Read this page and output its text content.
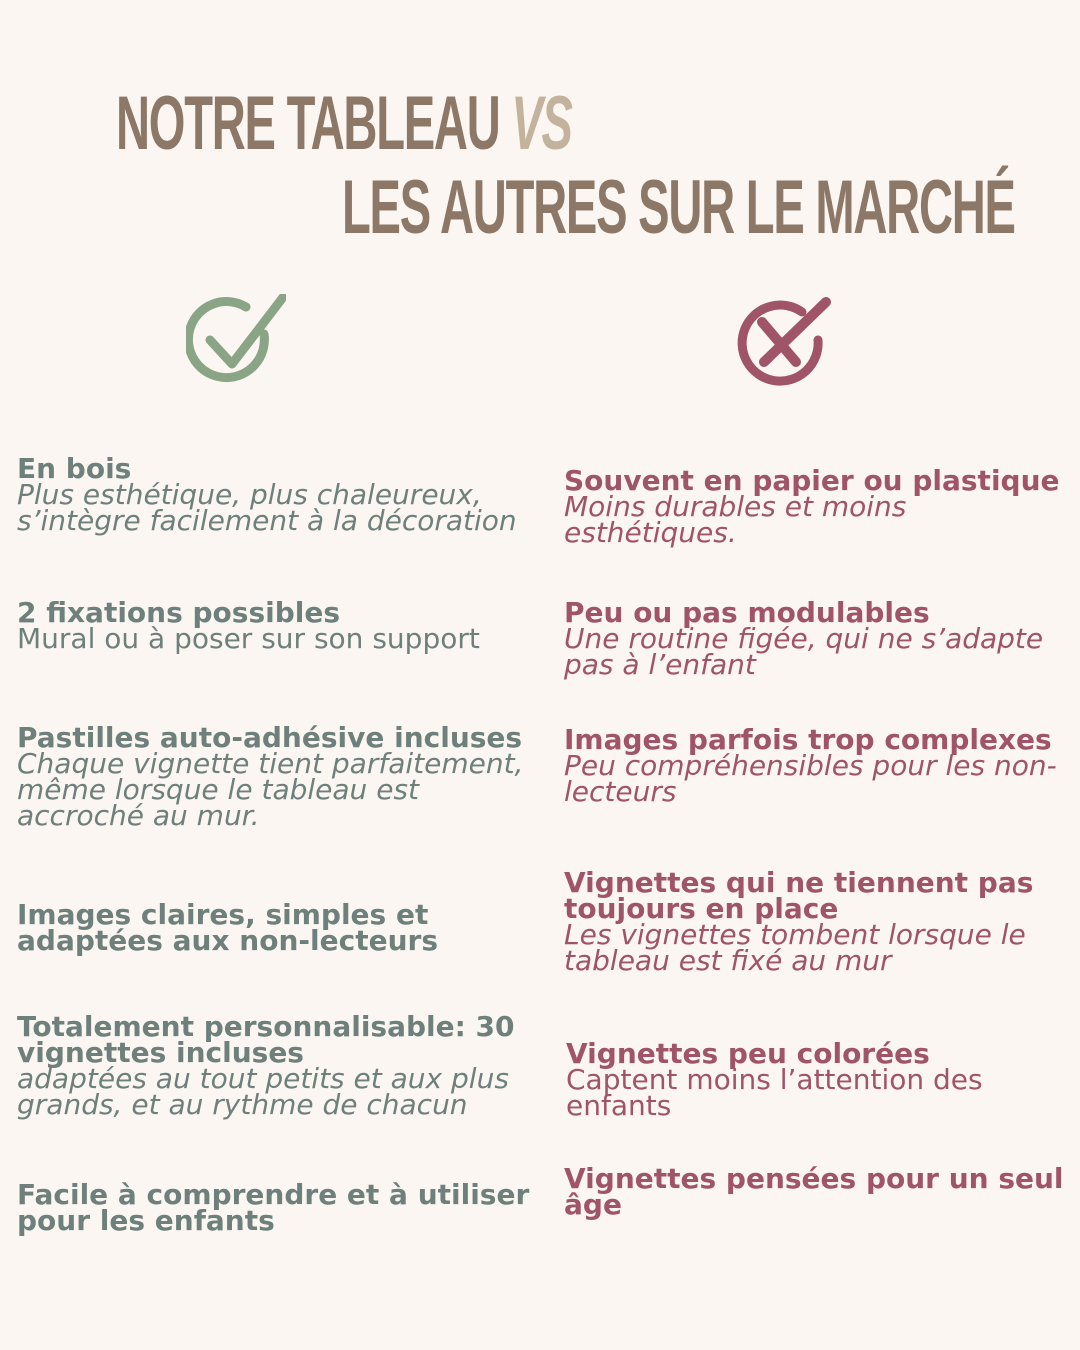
NOTRE TABLEAU VS
LES AUTRES SUR LE MARCHÉ
En bois
Plus esthétique, plus chaleureux, s’intègre facilement à la décoration
2 fixations possibles
Mural ou à poser sur son support
Pastilles auto-adhésive incluses
Chaque vignette tient parfaitement, même lorsque le tableau est accroché au mur.
Images claires, simples et adaptées aux non-lecteurs
Totalement personnalisable: 30 vignettes incluses
adaptées au tout petits et aux plus grands, et au rythme de chacun
Facile à comprendre et à utiliser pour les enfants
Souvent en papier ou plastique
Moins durables et moins esthétiques.
Peu ou pas modulables
Une routine figée, qui ne s’adapte pas à l’enfant
Images parfois trop complexes
Peu compréhensibles pour les non-lecteurs
Vignettes qui ne tiennent pas toujours en place
Les vignettes tombent lorsque le tableau est fixé au mur
Vignettes peu colorées
Captent moins l’attention des enfants
Vignettes pensées pour un seul âge
